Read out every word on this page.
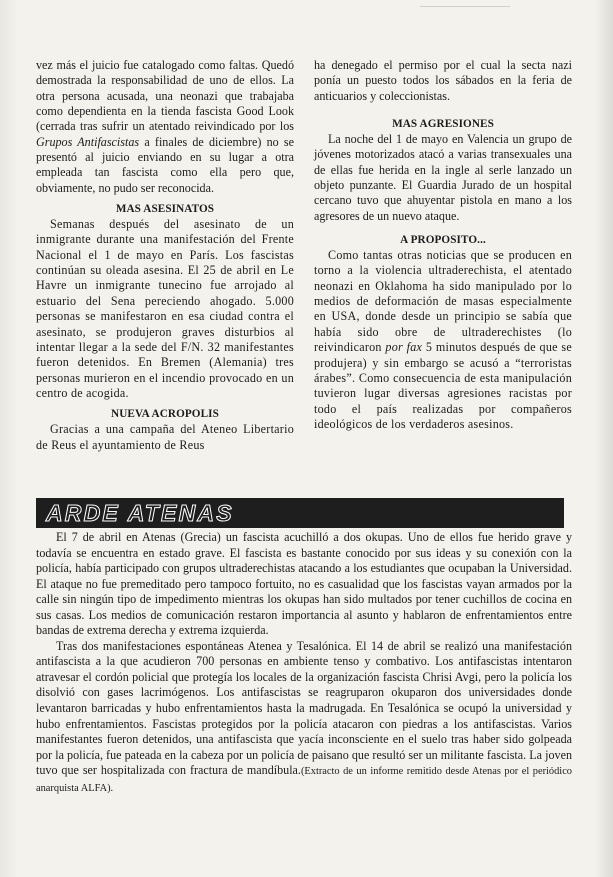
vez más el juicio fue catalogado como faltas. Quedó demostrada la responsabilidad de uno de ellos. La otra persona acusada, una neonazi que trabajaba como dependienta en la tienda fascista Good Look (cerrada tras sufrir un atentado reivindicado por los Grupos Antifascistas a finales de diciembre) no se presentó al juicio enviando en su lugar a otra empleada tan fascista como ella pero que, obviamente, no pudo ser reconocida.

MAS ASESINATOS

Semanas después del asesinato de un inmigrante durante una manifestación del Frente Nacional el 1 de mayo en París. Los fascistas continúan su oleada asesina. El 25 de abril en Le Havre un inmigrante tunecino fue arrojado al estuario del Sena pereciendo ahogado. 5.000 personas se manifestaron en esa ciudad contra el asesinato, se produjeron graves disturbios al intentar llegar a la sede del F/N. 32 manifestantes fueron detenidos. En Bremen (Alemania) tres personas murieron en el incendio provocado en un centro de acogida.

NUEVA ACROPOLIS

Gracias a una campaña del Ateneo Libertario de Reus el ayuntamiento de Reus

ha denegado el permiso por el cual la secta nazi ponía un puesto todos los sábados en la feria de anticuarios y coleccionistas.

MAS AGRESIONES

La noche del 1 de mayo en Valencia un grupo de jóvenes motorizados atacó a varias transexuales una de ellas fue herida en la ingle al serle lanzado un objeto punzante. El Guardia Jurado de un hospital cercano tuvo que ahuyentar pistola en mano a los agresores de un nuevo ataque.

A PROPOSITO...

Como tantas otras noticias que se producen en torno a la violencia ultraderechista, el atentado neonazi en Oklahoma ha sido manipulado por lo medios de deformación de masas especialmente en USA, donde desde un principio se sabía que había sido obre de ultraderechistes (lo reivindicaron por fax 5 minutos después de que se produjera) y sin embargo se acusó a “terroristas árabes”. Como consecuencia de esta manipulación tuvieron lugar diversas agresiones racistas por todo el país realizadas por compañeros ideológicos de los verdaderos asesinos.

ARDE ATENAS

El 7 de abril en Atenas (Grecia) un fascista acuchilló a dos okupas. Uno de ellos fue herido grave y todavía se encuentra en estado grave. El fascista es bastante conocido por sus ideas y su conexión con la policía, había participado con grupos ultraderechistas atacando a los estudiantes que ocupaban la Universidad. El ataque no fue premeditado pero tampoco fortuito, no es casualidad que los fascistas vayan armados por la calle sin ningún tipo de impedimento mientras los okupas han sido multados por tener cuchillos de cocina en sus casas. Los medios de comunicación restaron importancia al asunto y hablaron de enfrentamientos entre bandas de extrema derecha y extrema izquierda.

Tras dos manifestaciones espontáneas Atenea y Tesalónica. El 14 de abril se realizó una manifestación antifascista a la que acudieron 700 personas en ambiente tenso y combativo. Los antifascistas intentaron atravesar el cordón policial que protegía los locales de la organización fascista Chrisi Avgi, pero la policía los disolvió con gases lacrimógenos. Los antifascistas se reagruparon okuparon dos universidades donde levantaron barricadas y hubo enfrentamientos hasta la madrugada. En Tesalónica se ocupó la universidad y hubo enfrentamientos. Fascistas protegidos por la policía atacaron con piedras a los antifascistas. Varios manifestantes fueron detenidos, una antifascista que yacía inconsciente en el suelo tras haber sido golpeada por la policía, fue pateada en la cabeza por un policía de paisano que resultó ser un militante fascista. La joven tuvo que ser hospitalizada con fractura de mandíbula.(Extracto de un informe remitido desde Atenas por el periódico anarquista ALFA).
